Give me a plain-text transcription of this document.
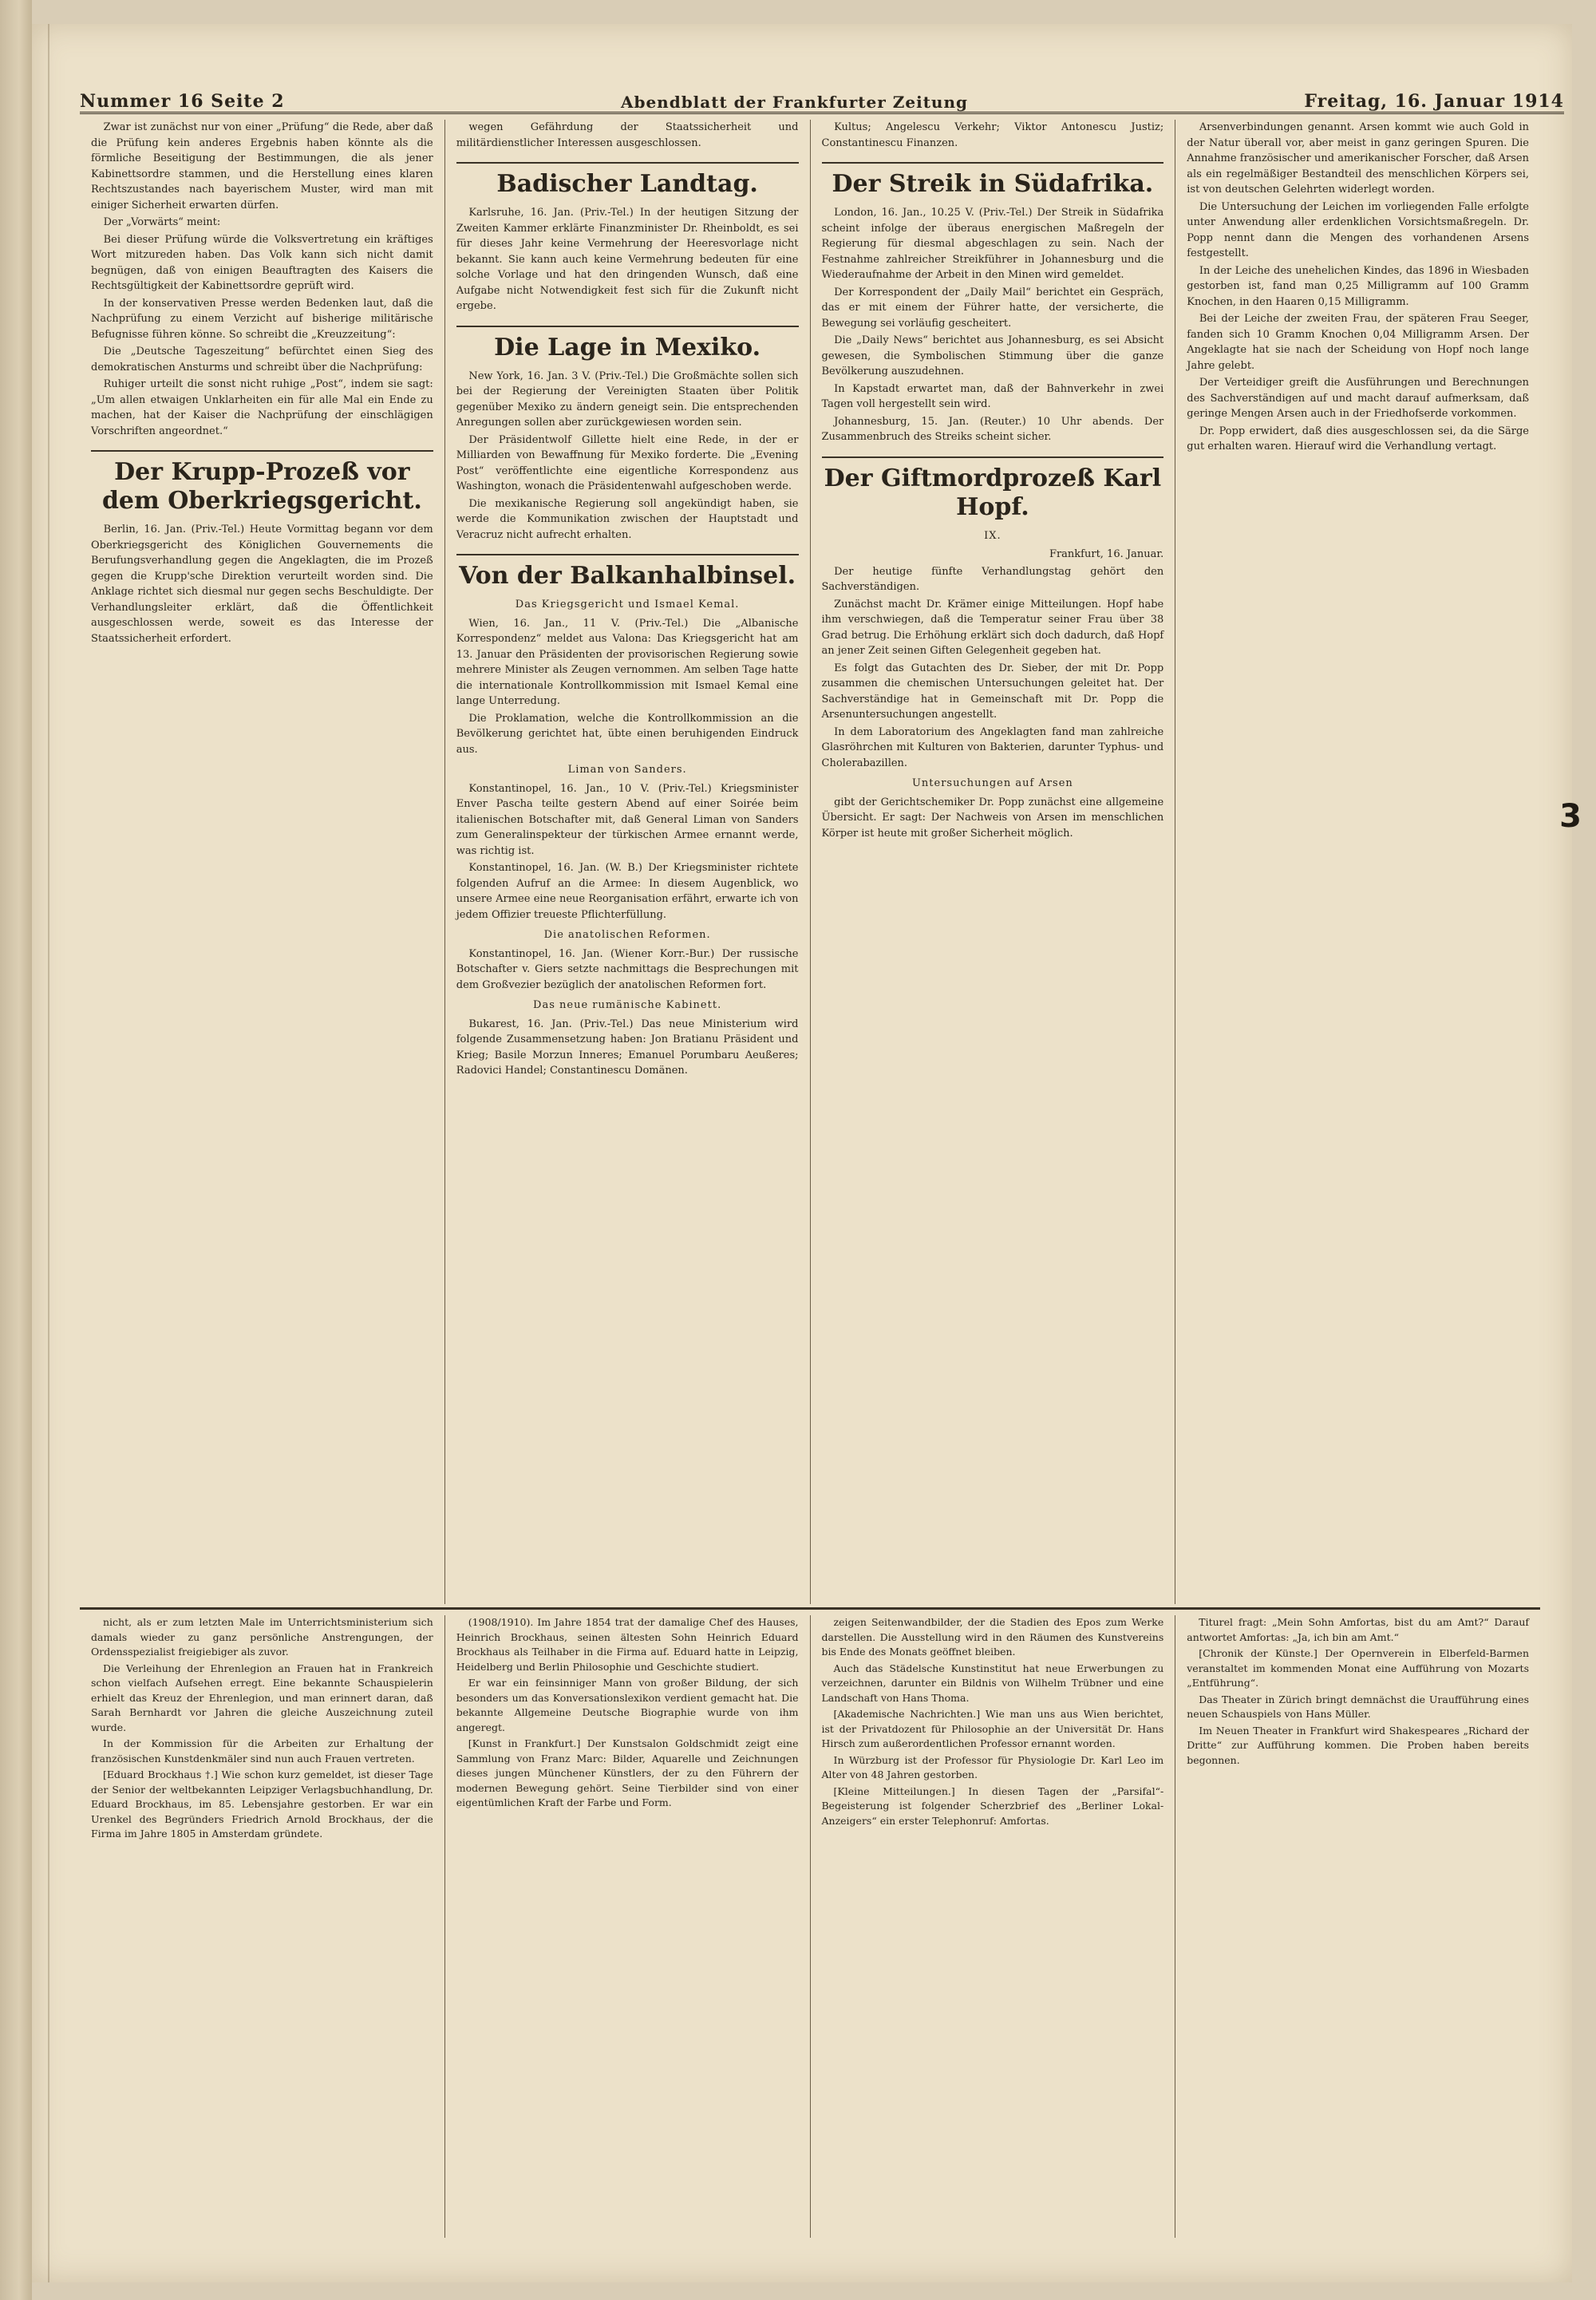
Nummer 16 Seite 2	Abendblatt der Frankfurter Zeitung	Freitag, 16. Januar 1914
3

Zwar ist zunächst nur von einer „Prüfung“ die Rede, aber daß die Prüfung kein anderes Ergebnis haben könnte als die förmliche Beseitigung der Bestimmungen, die als jener Kabinettsordre stammen, und die Herstellung eines klaren Rechtszustandes nach bayerischem Muster, wird man mit einiger Sicherheit erwarten dürfen.

Der „Vorwärts“ meint:

Bei dieser Prüfung würde die Volksvertretung ein kräftiges Wort mitzureden haben. Das Volk kann sich nicht damit begnügen, daß von einigen Beauftragten des Kaisers die Rechtsgültigkeit der Kabinettsordre geprüft wird.

In der konservativen Presse werden Bedenken laut, daß die Nachprüfung zu einem Verzicht auf bisherige militärische Befugnisse führen könne. So schreibt die „Kreuzzeitung“:

Die „Deutsche Tageszeitung“ befürchtet einen Sieg des demokratischen Ansturms und schreibt über die Nachprüfung:

Ruhiger urteilt die sonst nicht ruhige „Post“, indem sie sagt: „Um allen etwaigen Unklarheiten ein für alle Mal ein Ende zu machen, hat der Kaiser die Nachprüfung der einschlägigen Vorschriften angeordnet.“

Der Krupp-Prozeß vor dem Oberkriegsgericht.

Berlin, 16. Jan. (Priv.-Tel.) Heute Vormittag begann vor dem Oberkriegsgericht des Königlichen Gouvernements die Berufungsverhandlung gegen die Angeklagten, die im Prozeß gegen die Krupp'sche Direktion verurteilt worden sind. Die Anklage richtet sich diesmal nur gegen sechs Beschuldigte. Der Verhandlungsleiter erklärt, daß die Öffentlichkeit ausgeschlossen werde, soweit es das Interesse der Staatssicherheit erfordert.

wegen Gefährdung der Staatssicherheit und militärdienstlicher Interessen ausgeschlossen.

Badischer Landtag.

Karlsruhe, 16. Jan. (Priv.-Tel.) In der heutigen Sitzung der Zweiten Kammer erklärte Finanzminister Dr. Rheinboldt, es sei für dieses Jahr keine Vermehrung der Heeresvorlage nicht bekannt. Sie kann auch keine Vermehrung bedeuten für eine solche Vorlage und hat den dringenden Wunsch, daß eine Aufgabe nicht Notwendigkeit fest sich für die Zukunft nicht ergebe.

Die Lage in Mexiko.

New York, 16. Jan. 3 V. (Priv.-Tel.) Die Großmächte sollen sich bei der Regierung der Vereinigten Staaten über Politik gegenüber Mexiko zu ändern geneigt sein. Die entsprechenden Anregungen sollen aber zurückgewiesen worden sein.

Der Präsidentwolf Gillette hielt eine Rede, in der er Milliarden von Bewaffnung für Mexiko forderte. Die „Evening Post“ veröffentlichte eine eigentliche Korrespondenz aus Washington, wonach die Präsidentenwahl aufgeschoben werde.

Die mexikanische Regierung soll angekündigt haben, sie werde die Kommunikation zwischen der Hauptstadt und Veracruz nicht aufrecht erhalten.

Von der Balkanhalbinsel.
Das Kriegsgericht und Ismael Kemal.

Wien, 16. Jan., 11 V. (Priv.-Tel.) Die „Albanische Korrespondenz“ meldet aus Valona: Das Kriegsgericht hat am 13. Januar den Präsidenten der provisorischen Regierung sowie mehrere Minister als Zeugen vernommen. Am selben Tage hatte die internationale Kontrollkommission mit Ismael Kemal eine lange Unterredung.

Die Proklamation, welche die Kontrollkommission an die Bevölkerung gerichtet hat, übte einen beruhigenden Eindruck aus.

Liman von Sanders.

Konstantinopel, 16. Jan., 10 V. (Priv.-Tel.) Kriegsminister Enver Pascha teilte gestern Abend auf einer Soirée beim italienischen Botschafter mit, daß General Liman von Sanders zum Generalinspekteur der türkischen Armee ernannt werde, was richtig ist.

Konstantinopel, 16. Jan. (W. B.) Der Kriegsminister richtete folgenden Aufruf an die Armee: In diesem Augenblick, wo unsere Armee eine neue Reorganisation erfährt, erwarte ich von jedem Offizier treueste Pflichterfüllung.

Die anatolischen Reformen.

Konstantinopel, 16. Jan. (Wiener Korr.-Bur.) Der russische Botschafter v. Giers setzte nachmittags die Besprechungen mit dem Großvezier bezüglich der anatolischen Reformen fort.

Das neue rumänische Kabinett.

Bukarest, 16. Jan. (Priv.-Tel.) Das neue Ministerium wird folgende Zusammensetzung haben: Jon Bratianu Präsident und Krieg; Basile Morzun Inneres; Emanuel Porumbaru Aeußeres; Radovici Handel; Constantinescu Domänen.

Kultus; Angelescu Verkehr; Viktor Antonescu Justiz; Constantinescu Finanzen.

Der Streik in Südafrika.

London, 16. Jan., 10.25 V. (Priv.-Tel.) Der Streik in Südafrika scheint infolge der überaus energischen Maßregeln der Regierung für diesmal abgeschlagen zu sein. Nach der Festnahme zahlreicher Streikführer in Johannesburg und die Wiederaufnahme der Arbeit in den Minen wird gemeldet.

Der Korrespondent der „Daily Mail“ berichtet ein Gespräch, das er mit einem der Führer hatte, der versicherte, die Bewegung sei vorläufig gescheitert.

Die „Daily News“ berichtet aus Johannesburg, es sei Absicht gewesen, die Symbolischen Stimmung über die ganze Bevölkerung auszudehnen.

In Kapstadt erwartet man, daß der Bahnverkehr in zwei Tagen voll hergestellt sein wird.

Johannesburg, 15. Jan. (Reuter.) 10 Uhr abends. Der Zusammenbruch des Streiks scheint sicher.

Der Giftmordprozeß Karl Hopf.
IX.

Frankfurt, 16. Januar.

Der heutige fünfte Verhandlungstag gehört den Sachverständigen.

Zunächst macht Dr. Krämer einige Mitteilungen. Hopf habe ihm verschwiegen, daß die Temperatur seiner Frau über 38 Grad betrug. Die Erhöhung erklärt sich doch dadurch, daß Hopf an jener Zeit seinen Giften Gelegenheit gegeben hat.

Es folgt das Gutachten des Dr. Sieber, der mit Dr. Popp zusammen die chemischen Untersuchungen geleitet hat. Der Sachverständige hat in Gemeinschaft mit Dr. Popp die Arsenuntersuchungen angestellt.

In dem Laboratorium des Angeklagten fand man zahlreiche Glasröhrchen mit Kulturen von Bakterien, darunter Typhus- und Cholerabazillen.

Untersuchungen auf Arsen

gibt der Gerichtschemiker Dr. Popp zunächst eine allgemeine Übersicht. Er sagt: Der Nachweis von Arsen im menschlichen Körper ist heute mit großer Sicherheit möglich.

Arsenverbindungen genannt. Arsen kommt wie auch Gold in der Natur überall vor, aber meist in ganz geringen Spuren. Die Annahme französischer und amerikanischer Forscher, daß Arsen als ein regelmäßiger Bestandteil des menschlichen Körpers sei, ist von deutschen Gelehrten widerlegt worden.

Die Untersuchung der Leichen im vorliegenden Falle erfolgte unter Anwendung aller erdenklichen Vorsichtsmaßregeln. Dr. Popp nennt dann die Mengen des vorhandenen Arsens festgestellt.

In der Leiche des unehelichen Kindes, das 1896 in Wiesbaden gestorben ist, fand man 0,25 Milligramm auf 100 Gramm Knochen, in den Haaren 0,15 Milligramm.

Bei der Leiche der zweiten Frau, der späteren Frau Seeger, fanden sich 10 Gramm Knochen 0,04 Milligramm Arsen. Der Angeklagte hat sie nach der Scheidung von Hopf noch lange Jahre gelebt.

Der Verteidiger greift die Ausführungen und Berechnungen des Sachverständigen auf und macht darauf aufmerksam, daß geringe Mengen Arsen auch in der Friedhofserde vorkommen.

Dr. Popp erwidert, daß dies ausgeschlossen sei, da die Särge gut erhalten waren. Hierauf wird die Verhandlung vertagt.

nicht, als er zum letzten Male im Unterrichtsministerium sich damals wieder zu ganz persönliche Anstrengungen, der Ordensspezialist freigiebiger als zuvor.

Die Verleihung der Ehrenlegion an Frauen hat in Frankreich schon vielfach Aufsehen erregt. Eine bekannte Schauspielerin erhielt das Kreuz der Ehrenlegion, und man erinnert daran, daß Sarah Bernhardt vor Jahren die gleiche Auszeichnung zuteil wurde.

In der Kommission für die Arbeiten zur Erhaltung der französischen Kunstdenkmäler sind nun auch Frauen vertreten.

[Eduard Brockhaus †.] Wie schon kurz gemeldet, ist dieser Tage der Senior der weltbekannten Leipziger Verlagsbuchhandlung, Dr. Eduard Brockhaus, im 85. Lebensjahre gestorben. Er war ein Urenkel des Begründers Friedrich Arnold Brockhaus, der die Firma im Jahre 1805 in Amsterdam gründete.

(1908/1910). Im Jahre 1854 trat der damalige Chef des Hauses, Heinrich Brockhaus, seinen ältesten Sohn Heinrich Eduard Brockhaus als Teilhaber in die Firma auf. Eduard hatte in Leipzig, Heidelberg und Berlin Philosophie und Geschichte studiert.

Er war ein feinsinniger Mann von großer Bildung, der sich besonders um das Konversationslexikon verdient gemacht hat. Die bekannte Allgemeine Deutsche Biographie wurde von ihm angeregt.

[Kunst in Frankfurt.] Der Kunstsalon Goldschmidt zeigt eine Sammlung von Franz Marc: Bilder, Aquarelle und Zeichnungen dieses jungen Münchener Künstlers, der zu den Führern der modernen Bewegung gehört. Seine Tierbilder sind von einer eigentümlichen Kraft der Farbe und Form.

zeigen Seitenwandbilder, der die Stadien des Epos zum Werke darstellen. Die Ausstellung wird in den Räumen des Kunstvereins bis Ende des Monats geöffnet bleiben.

Auch das Städelsche Kunstinstitut hat neue Erwerbungen zu verzeichnen, darunter ein Bildnis von Wilhelm Trübner und eine Landschaft von Hans Thoma.

[Akademische Nachrichten.] Wie man uns aus Wien berichtet, ist der Privatdozent für Philosophie an der Universität Dr. Hans Hirsch zum außerordentlichen Professor ernannt worden.

In Würzburg ist der Professor für Physiologie Dr. Karl Leo im Alter von 48 Jahren gestorben.

[Kleine Mitteilungen.] In diesen Tagen der „Parsifal“-Begeisterung ist folgender Scherzbrief des „Berliner Lokal-Anzeigers“ ein erster Telephonruf: Amfortas.

Titurel fragt: „Mein Sohn Amfortas, bist du am Amt?“ Darauf antwortet Amfortas: „Ja, ich bin am Amt.“

[Chronik der Künste.] Der Opernverein in Elberfeld-Barmen veranstaltet im kommenden Monat eine Aufführung von Mozarts „Entführung“.

Das Theater in Zürich bringt demnächst die Uraufführung eines neuen Schauspiels von Hans Müller.

Im Neuen Theater in Frankfurt wird Shakespeares „Richard der Dritte“ zur Aufführung kommen. Die Proben haben bereits begonnen.
